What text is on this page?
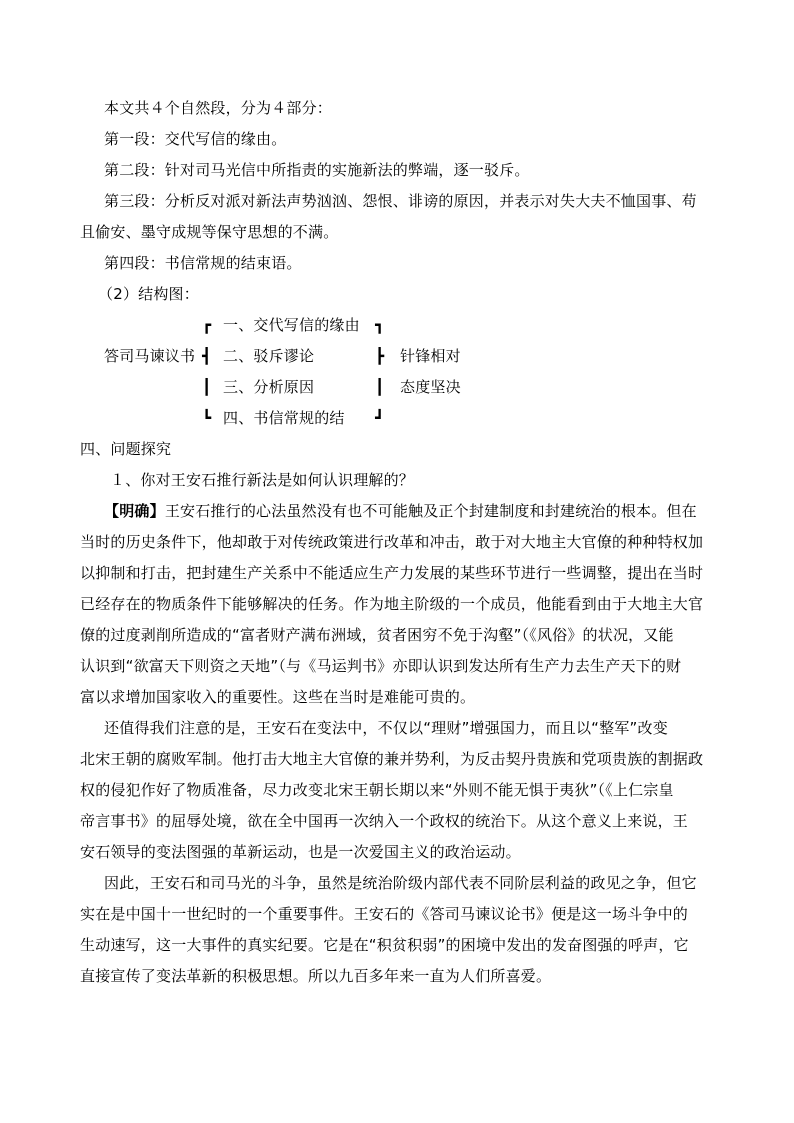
本文共４个自然段，分为４部分：

第一段：交代写信的缘由。

第二段：针对司马光信中所指责的实施新法的弊端，逐一驳斥。

第三段：分析反对派对新法声势汹汹、怨恨、诽谤的原因，并表示对失大夫不恤国事、苟

且偷安、墨守成规等保守思想的不满。

第四段：书信常规的结束语。

（2）结构图：

┏
┫
┃
┗
答司马谏议书
一、交代写信的缘由
二、驳斥谬论
三、分析原因
四、书信常规的结
┓
┣
┃
┛
针锋相对
态度坚决

四、问题探究

１、你对王安石推行新法是如何认识理解的？

【明确】王安石推行的心法虽然没有也不可能触及正个封建制度和封建统治的根本。但在

当时的历史条件下，他却敢于对传统政策进行改革和冲击，敢于对大地主大官僚的种种特权加

以抑制和打击，把封建生产关系中不能适应生产力发展的某些环节进行一些调整，提出在当时

已经存在的物质条件下能够解决的任务。作为地主阶级的一个成员，他能看到由于大地主大官

僚的过度剥削所造成的“富者财产满布洲域，贫者困穷不免于沟壑”（《风俗》的状况，又能

认识到“欲富天下则资之天地”（与《马运判书》亦即认识到发达所有生产力去生产天下的财

富以求增加国家收入的重要性。这些在当时是难能可贵的。

还值得我们注意的是，王安石在变法中，不仅以“理财”增强国力，而且以“整军”改变

北宋王朝的腐败军制。他打击大地主大官僚的兼并势利，为反击契丹贵族和党项贵族的割据政

权的侵犯作好了物质准备，尽力改变北宋王朝长期以来“外则不能无惧于夷狄”（《上仁宗皇

帝言事书》的屈辱处境，欲在全中国再一次纳入一个政权的统治下。从这个意义上来说，王

安石领导的变法图强的革新运动，也是一次爱国主义的政治运动。

因此，王安石和司马光的斗争，虽然是统治阶级内部代表不同阶层利益的政见之争，但它

实在是中国十一世纪时的一个重要事件。王安石的《答司马谏议论书》便是这一场斗争中的

生动速写，这一大事件的真实纪要。它是在“积贫积弱”的困境中发出的发奋图强的呼声，它

直接宣传了变法革新的积极思想。所以九百多年来一直为人们所喜爱。
